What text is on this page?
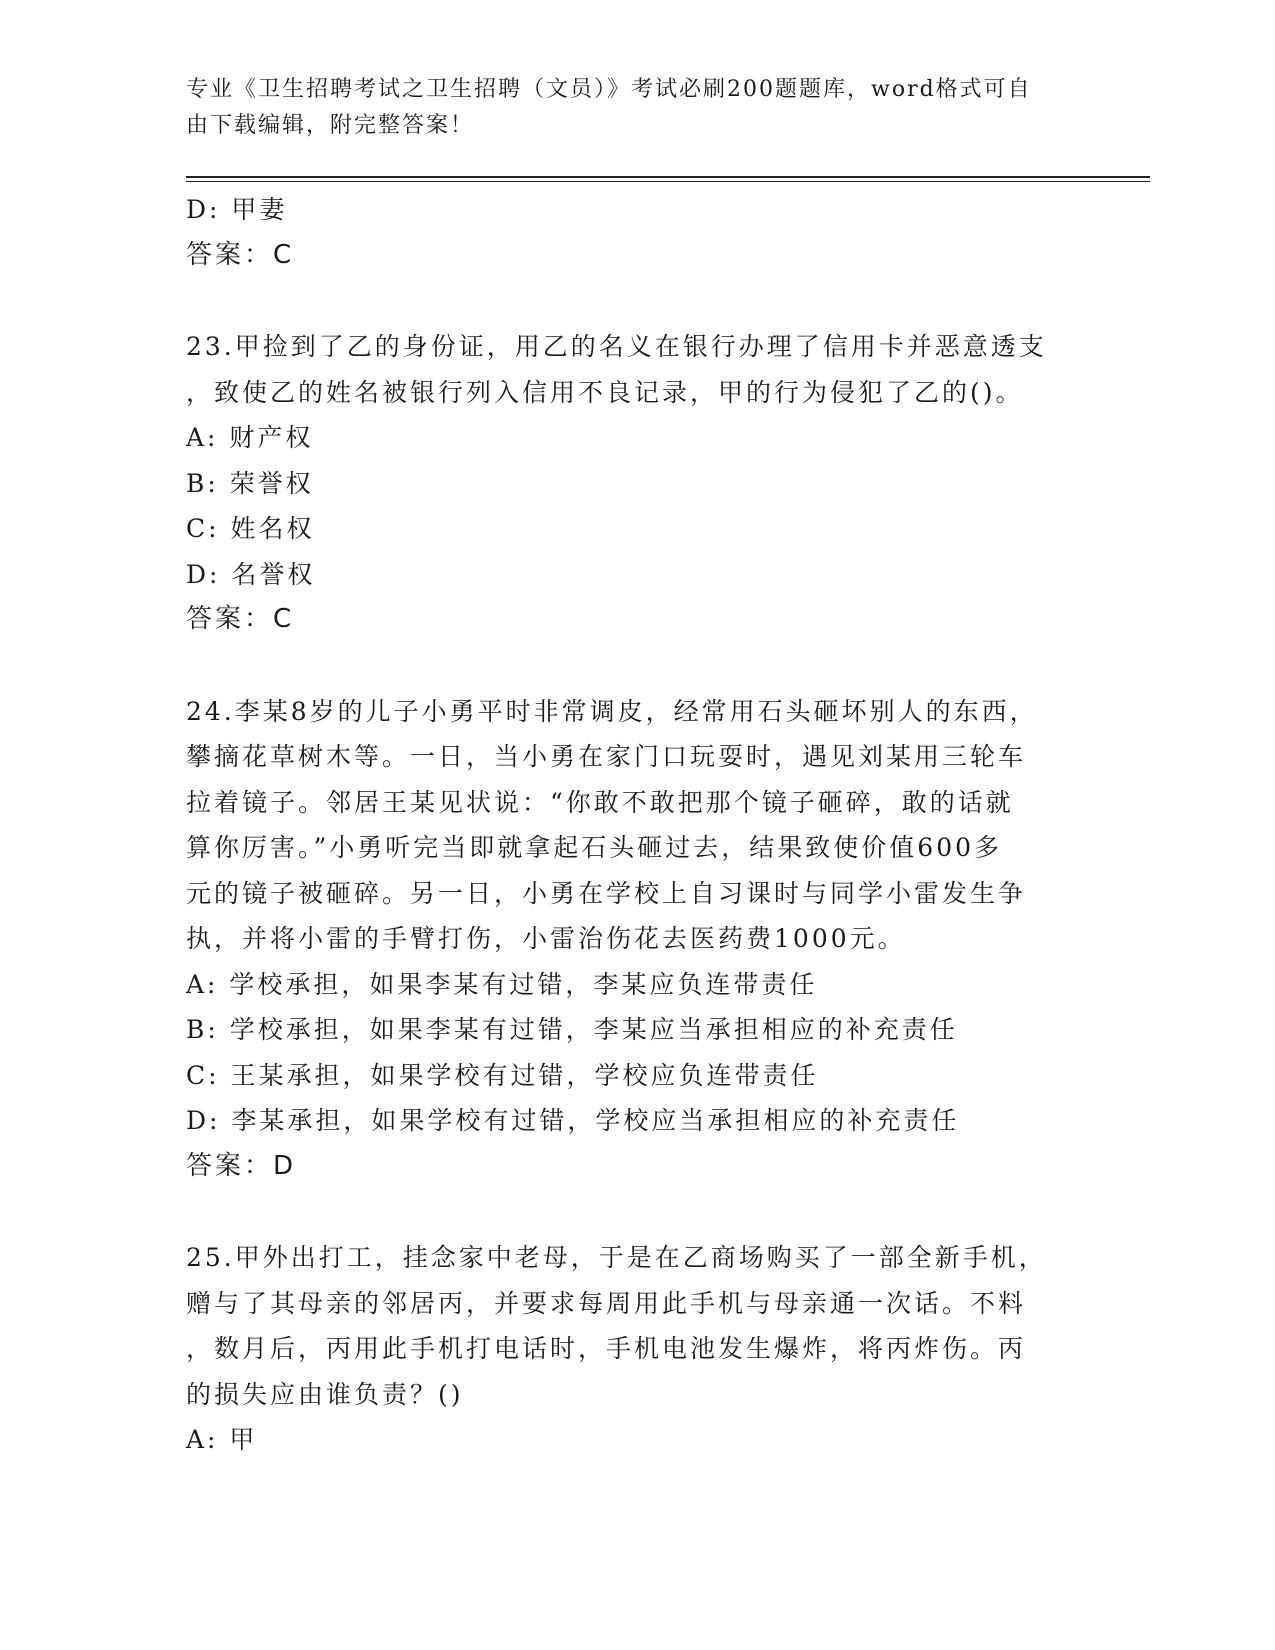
专业《卫生招聘考试之卫生招聘（文员）》考试必刷200题题库，word格式可自
由下载编辑，附完整答案！
D: 甲妻
答案：C
23.甲捡到了乙的身份证，用乙的名义在银行办理了信用卡并恶意透支
，致使乙的姓名被银行列入信用不良记录，甲的行为侵犯了乙的()。
A: 财产权
B: 荣誉权
C: 姓名权
D: 名誉权
答案：C
24.李某8岁的儿子小勇平时非常调皮，经常用石头砸坏别人的东西，
攀摘花草树木等。一日，当小勇在家门口玩耍时，遇见刘某用三轮车
拉着镜子。邻居王某见状说：“你敢不敢把那个镜子砸碎，敢的话就
算你厉害。”小勇听完当即就拿起石头砸过去，结果致使价值600多
元的镜子被砸碎。另一日，小勇在学校上自习课时与同学小雷发生争
执，并将小雷的手臂打伤，小雷治伤花去医药费1000元。
A: 学校承担，如果李某有过错，李某应负连带责任
B: 学校承担，如果李某有过错，李某应当承担相应的补充责任
C: 王某承担，如果学校有过错，学校应负连带责任
D: 李某承担，如果学校有过错，学校应当承担相应的补充责任
答案：D
25.甲外出打工，挂念家中老母，于是在乙商场购买了一部全新手机，
赠与了其母亲的邻居丙，并要求每周用此手机与母亲通一次话。不料
，数月后，丙用此手机打电话时，手机电池发生爆炸，将丙炸伤。丙
的损失应由谁负责？()
A: 甲
